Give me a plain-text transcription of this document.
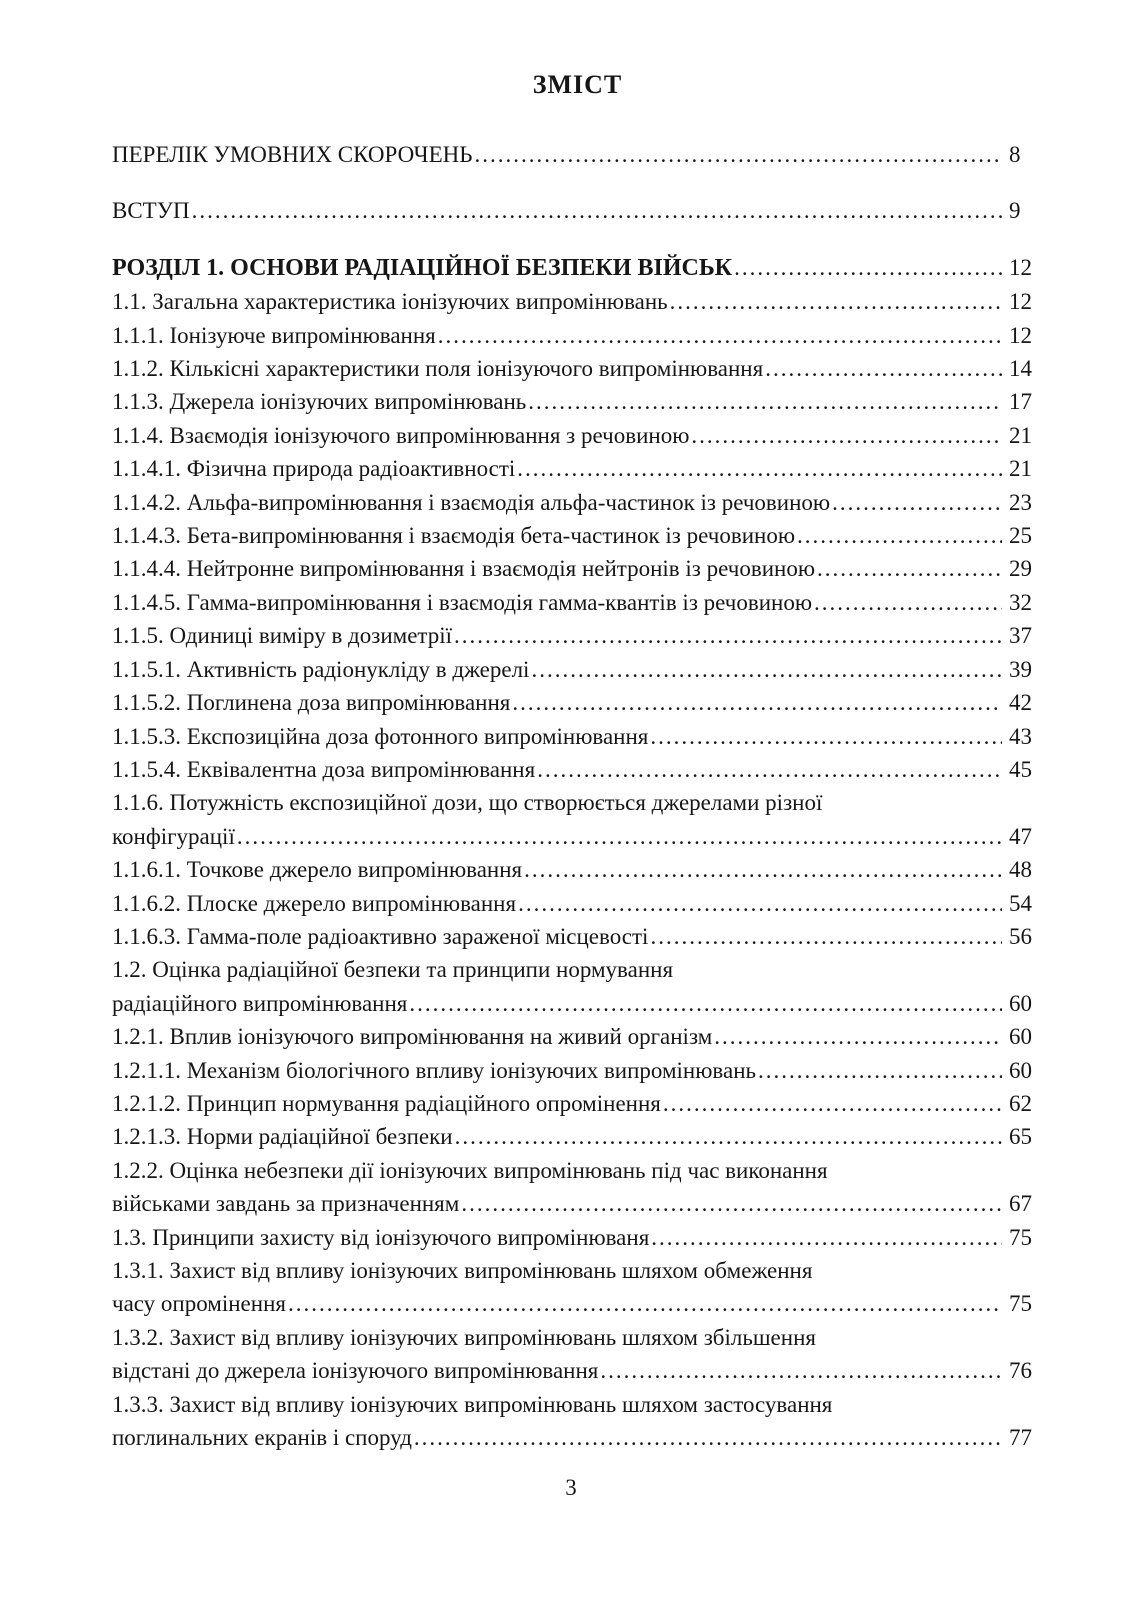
ЗМІСТ
ПЕРЕЛІК УМОВНИХ СКОРОЧЕНЬ .....	8
ВСТУП .....	9
РОЗДІЛ 1. ОСНОВИ РАДІАЦІЙНОЇ БЕЗПЕКИ ВІЙСЬК .....	12
1.1. Загальна характеристика іонізуючих випромінювань .....	12
1.1.1. Іонізуюче випромінювання .....	12
1.1.2. Кількісні характеристики поля іонізуючого випромінювання .....	14
1.1.3. Джерела іонізуючих випромінювань .....	17
1.1.4. Взаємодія іонізуючого випромінювання з речовиною .....	21
1.1.4.1. Фізична природа радіоактивності .....	21
1.1.4.2. Альфа-випромінювання і взаємодія альфа-частинок із речовиною .....	23
1.1.4.3. Бета-випромінювання і взаємодія бета-частинок із речовиною .....	25
1.1.4.4. Нейтронне випромінювання і взаємодія нейтронів із речовиною .....	29
1.1.4.5. Гамма-випромінювання і взаємодія гамма-квантів із речовиною .....	32
1.1.5. Одиниці виміру в дозиметрії .....	37
1.1.5.1. Активність радіонукліду в джерелі .....	39
1.1.5.2. Поглинена доза випромінювання .....	42
1.1.5.3. Експозиційна доза фотонного випромінювання .....	43
1.1.5.4. Еквівалентна доза випромінювання .....	45
1.1.6. Потужність експозиційної дози, що створюється джерелами різної
конфігурації .....	47
1.1.6.1. Точкове джерело випромінювання .....	48
1.1.6.2. Плоске джерело випромінювання .....	54
1.1.6.3. Гамма-поле радіоактивно зараженої місцевості .....	56
1.2. Оцінка радіаційної безпеки та принципи нормування
радіаційного випромінювання .....	60
1.2.1. Вплив іонізуючого випромінювання на живий організм .....	60
1.2.1.1. Механізм біологічного впливу іонізуючих випромінювань .....	60
1.2.1.2. Принцип нормування радіаційного опромінення .....	62
1.2.1.3. Норми радіаційної безпеки .....	65
1.2.2. Оцінка небезпеки дії іонізуючих випромінювань під час виконання
військами завдань за призначенням .....	67
1.3. Принципи захисту від іонізуючого випромінюваня .....	75
1.3.1. Захист від впливу іонізуючих випромінювань шляхом обмеження
часу опромінення .....	75
1.3.2. Захист від впливу іонізуючих випромінювань шляхом збільшення
відстані до джерела іонізуючого випромінювання .....	76
1.3.3. Захист від впливу іонізуючих випромінювань шляхом застосування
поглинальних екранів і споруд .....	77
3
